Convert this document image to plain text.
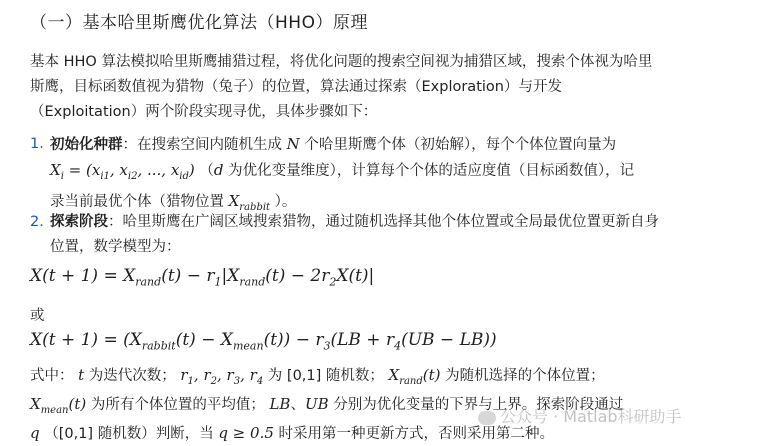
（一）基本哈里斯鹰优化算法（HHO）原理

基本 HHO 算法模拟哈里斯鹰捕猎过程，将优化问题的搜索空间视为捕猎区域，搜索个体视为哈里
斯鹰，目标函数值视为猎物（兔子）的位置，算法通过探索（Exploration）与开发
（Exploitation）两个阶段实现寻优，具体步骤如下：

1. 初始化种群：在搜索空间内随机生成 N 个哈里斯鹰个体（初始解），每个个体位置向量为
$X_i = (x_{i1}$, $x_{i2}$, ..., $x_{id}$) （d 为优化变量维度），计算每个个体的适应度值（目标函数值），记
录当前最优个体（猎物位置 $X_{rabbit}$ ）。
2. 探索阶段：哈里斯鹰在广阔区域搜索猎物，通过随机选择其他个体位置或全局最优位置更新自身
位置，数学模型为：
$X(t + 1) = X_{rand}(t) - r_1|X_{rand}(t) - 2r_2X(t)|$
或
$X(t + 1) = (X_{rabbit}(t) - X_{mean}(t)) - r_3(LB + r_4(UB - LB))$

式中： t 为迭代次数； $r_1$, $r_2$, $r_3$, $r_4$ 为 [0,1] 随机数； $X_{rand}(t)$ 为随机选择的个体位置；
$X_{mean}(t)$ 为所有个体位置的平均值； LB、UB 分别为优化变量的下界与上界。探索阶段通过
q （[0,1] 随机数）判断，当 q ≥ 0.5 时采用第一种更新方式，否则采用第二种。

公众号 · Matlab科研助手
